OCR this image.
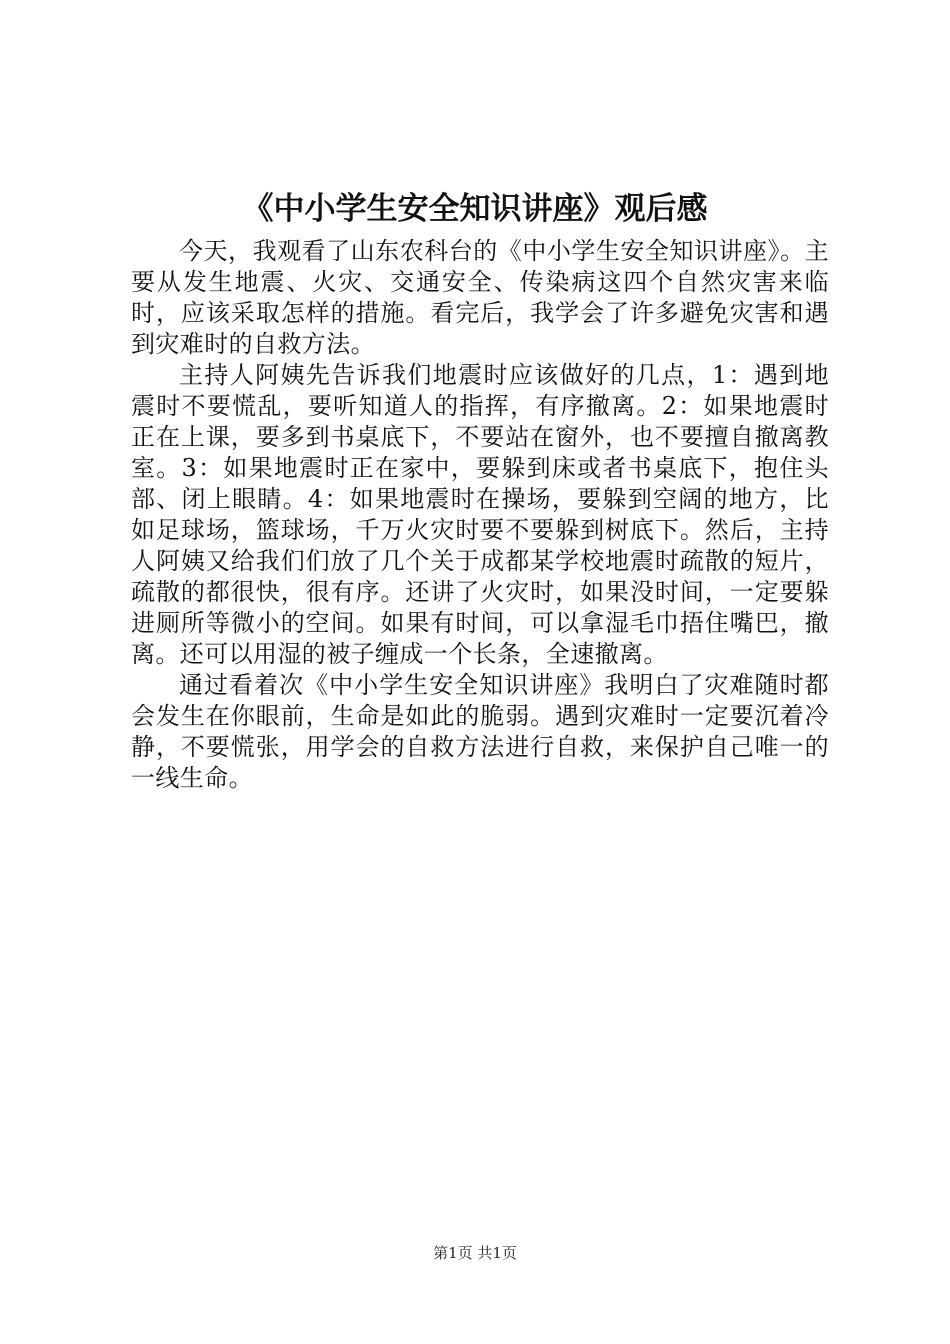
《中小学生安全知识讲座》观后感

今天，我观看了山东农科台的《中小学生安全知识讲座》。主要从发生地震、火灾、交通安全、传染病这四个自然灾害来临时，应该采取怎样的措施。看完后，我学会了许多避免灾害和遇到灾难时的自救方法。

主持人阿姨先告诉我们地震时应该做好的几点，1：遇到地震时不要慌乱，要听知道人的指挥，有序撤离。2：如果地震时正在上课，要多到书桌底下，不要站在窗外，也不要擅自撤离教室。3：如果地震时正在家中，要躲到床或者书桌底下，抱住头部、闭上眼睛。4：如果地震时在操场，要躲到空阔的地方，比如足球场，篮球场，千万火灾时要不要躲到树底下。然后，主持人阿姨又给我们们放了几个关于成都某学校地震时疏散的短片，疏散的都很快，很有序。还讲了火灾时，如果没时间，一定要躲进厕所等微小的空间。如果有时间，可以拿湿毛巾捂住嘴巴，撤离。还可以用湿的被子缠成一个长条，全速撤离。

通过看着次《中小学生安全知识讲座》我明白了灾难随时都会发生在你眼前，生命是如此的脆弱。遇到灾难时一定要沉着冷静，不要慌张，用学会的自救方法进行自救，来保护自己唯一的一线生命。

第1页 共1页
